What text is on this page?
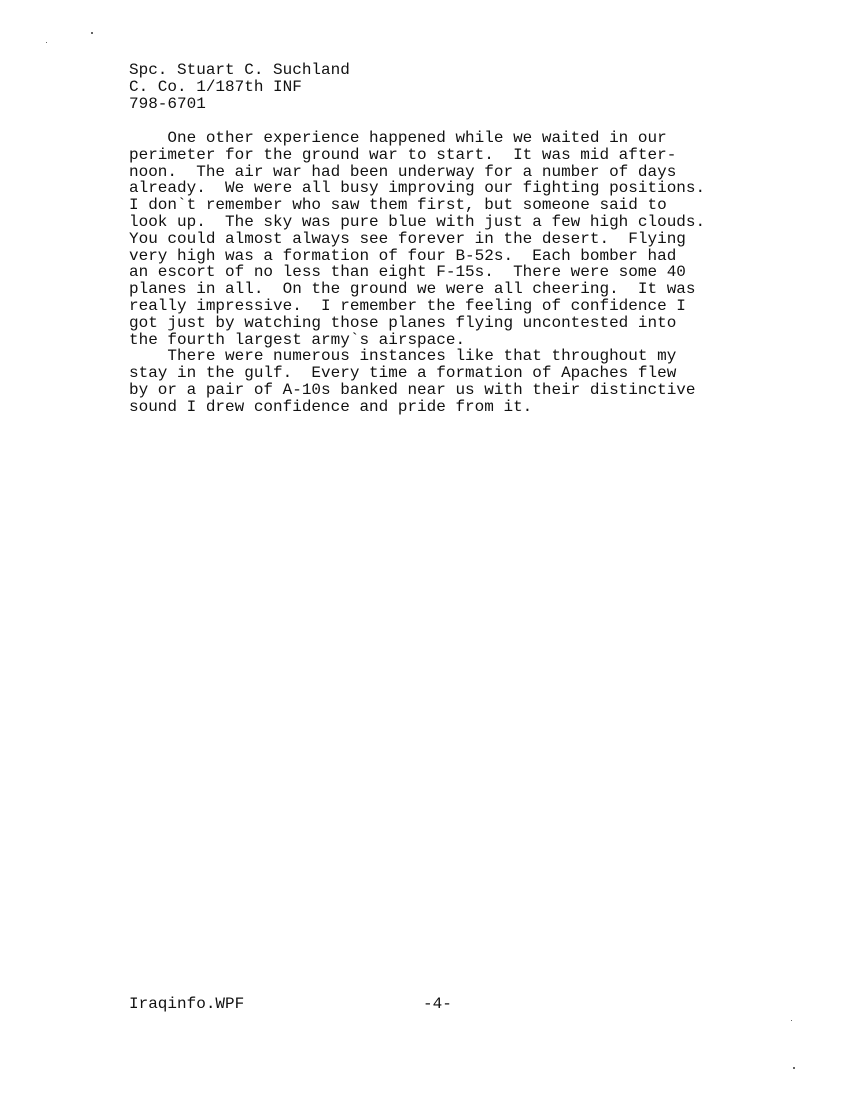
Spc. Stuart C. Suchland
C. Co. 1/187th INF
798-6701
One other experience happened while we waited in our
perimeter for the ground war to start.  It was mid after-
noon.  The air war had been underway for a number of days
already.  We were all busy improving our fighting positions.
I don`t remember who saw them first, but someone said to
look up.  The sky was pure blue with just a few high clouds.
You could almost always see forever in the desert.  Flying
very high was a formation of four B-52s.  Each bomber had
an escort of no less than eight F-15s.  There were some 40
planes in all.  On the ground we were all cheering.  It was
really impressive.  I remember the feeling of confidence I
got just by watching those planes flying uncontested into
the fourth largest army`s airspace.
There were numerous instances like that throughout my
stay in the gulf.  Every time a formation of Apaches flew
by or a pair of A-10s banked near us with their distinctive
sound I drew confidence and pride from it.
Iraqinfo.WPF	-4-
